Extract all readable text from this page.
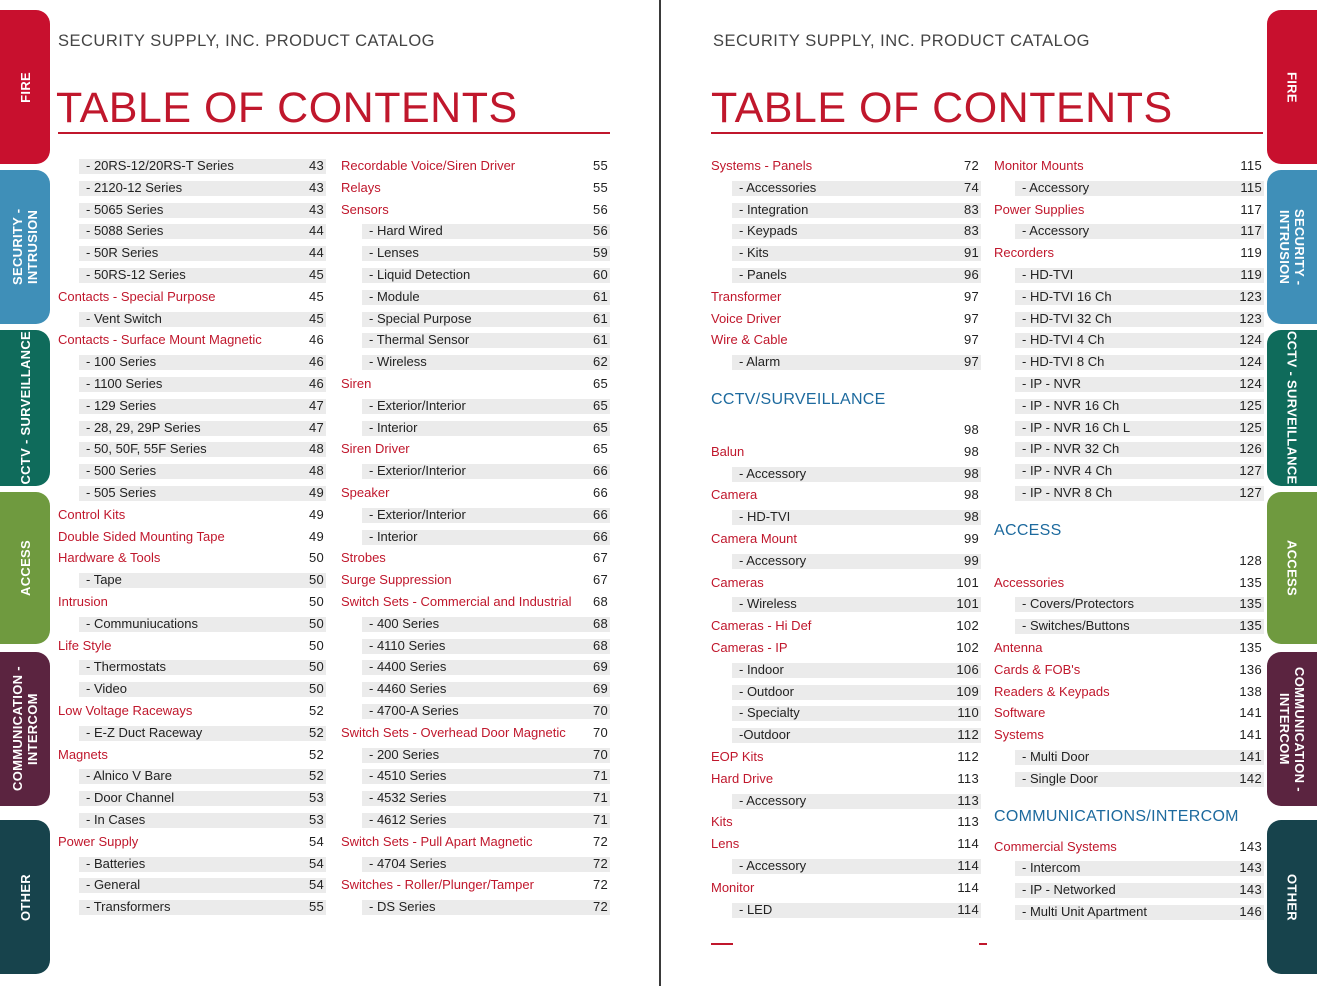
FIRE
SECURITY - INTRUSION
CCTV - SURVEILLANCE
ACCESS
COMMUNICATION - INTERCOM
OTHER
SECURITY SUPPLY, INC. PRODUCT CATALOG
TABLE OF CONTENTS
- 20RS-12/20RS-T Series	43
- 2120-12 Series	43
- 5065 Series	43
- 5088 Series	44
- 50R Series	44
- 50RS-12 Series	45
Contacts - Special Purpose	45
- Vent Switch	45
Contacts - Surface Mount Magnetic	46
- 100 Series	46
- 1100 Series	46
- 129 Series	47
- 28, 29, 29P Series	47
- 50, 50F, 55F Series	48
- 500 Series	48
- 505 Series	49
Control Kits	49
Double Sided Mounting Tape	49
Hardware & Tools	50
- Tape	50
Intrusion	50
- Communiucations	50
Life Style	50
- Thermostats	50
- Video	50
Low Voltage Raceways	52
- E-Z Duct Raceway	52
Magnets	52
- Alnico V Bare	52
- Door Channel	53
- In Cases	53
Power Supply	54
- Batteries	54
- General	54
- Transformers	55
Recordable Voice/Siren Driver	55
Relays	55
Sensors	56
- Hard Wired	56
- Lenses	59
- Liquid Detection	60
- Module	61
- Special Purpose	61
- Thermal Sensor	61
- Wireless	62
Siren	65
- Exterior/Interior	65
- Interior	65
Siren Driver	65
- Exterior/Interior	66
Speaker	66
- Exterior/Interior	66
- Interior	66
Strobes	67
Surge Suppression	67
Switch Sets - Commercial and Industrial 68
- 400 Series	68
- 4110 Series	68
- 4400 Series	69
- 4460 Series	69
- 4700-A Series	70
Switch Sets - Overhead Door Magnetic 70
- 200 Series	70
- 4510 Series	71
- 4532 Series	71
- 4612 Series	71
Switch Sets - Pull Apart Magnetic	72
- 4704 Series	72
Switches - Roller/Plunger/Tamper	72
- DS Series	72
FIRE
SECURITY - INTRUSION
CCTV - SURVEILLANCE
ACCESS
COMMUNICATION - INTERCOM
OTHER
SECURITY SUPPLY, INC. PRODUCT CATALOG
TABLE OF CONTENTS
Systems - Panels	72
- Accessories	74
- Integration	83
- Keypads	83
- Kits	91
- Panels	96
Transformer	97
Voice Driver	97
Wire & Cable	97
- Alarm	97
CCTV/SURVEILLANCE
98
Balun	98
- Accessory	98
Camera	98
- HD-TVI	98
Camera Mount	99
- Accessory	99
Cameras	101
- Wireless	101
Cameras - Hi Def	102
Cameras - IP	102
- Indoor	106
- Outdoor	109
- Specialty	110
-Outdoor	112
EOP Kits	112
Hard Drive	113
- Accessory	113
Kits	113
Lens	114
- Accessory	114
Monitor	114
- LED	114
Monitor Mounts	115
- Accessory	115
Power Supplies	117
- Accessory	117
Recorders	119
- HD-TVI	119
- HD-TVI 16 Ch	123
- HD-TVI 32 Ch	123
- HD-TVI 4 Ch	124
- HD-TVI 8 Ch	124
- IP - NVR	124
- IP - NVR 16 Ch	125
- IP - NVR 16 Ch L	125
- IP - NVR 32 Ch	126
- IP - NVR 4 Ch	127
- IP - NVR 8 Ch	127
ACCESS
128
Accessories	135
- Covers/Protectors	135
- Switches/Buttons	135
Antenna	135
Cards & FOB's	136
Readers & Keypads	138
Software	141
Systems	141
- Multi Door	141
- Single Door	142
COMMUNICATIONS/INTERCOM
Commercial Systems	143
- Intercom	143
- IP - Networked	143
- Multi Unit Apartment	146
